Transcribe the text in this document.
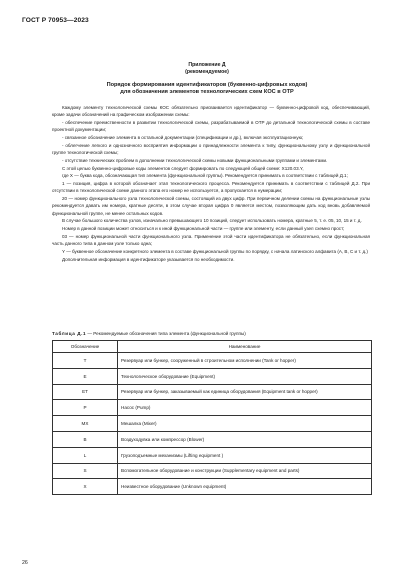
ГОСТ Р 70953—2023
Приложение Д
(рекомендуемое)
Порядок формирования идентификаторов (буквенно-цифровых кодов)
для обозначения элементов технологических схем КОС в ОТР

Каждому элементу технологической схемы КОС обязательно присваивается идентификатор — буквенно-цифровой код, обеспечивающий, кроме задачи обозначений на графическом изображении схемы:

- обеспечение преемственности в развитии технологической схемы, разрабатываемой в ОТР до детальной технологической схемы в составе проектной документации;

- связанное обозначение элемента в остальной документации (спецификации и др.), включая эксплуатационную;

- облегчение легкого и однозначного восприятия информации о принадлежности элемента к типу, функциональному узлу и функциональной группе технологической схемы;

- отсутствие технических проблем в дополнении технологической схемы новыми функциональными группами и элементами.

С этой целью буквенно-цифровые коды элементов следует формировать по следующей общей схеме: X120.03.Y,

где X — буква кода, обозначающая тип элемента (функциональной группы). Рекомендуется принимать в соответствии с таблицей Д.1;

1 — позиция, цифра в которой обозначает этап технологического процесса. Рекомендуется принимать в соответствии с таблицей Д.2. При отсутствии в технологической схеме данного этапа его номер не используется, а пропускается в нумерации;

20 — номер функционального узла технологической схемы, состоящий из двух цифр. При первичном делении схемы на функциональные узлы рекомендуется давать им номера, кратные десяти, в этом случае вторая цифра 0 является местом, позволяющим дать код вновь добавляемой функциональной группе, не менее остальных кодов.

В случае большого количества узлов, изначально превышающего 10 позиций, следует использовать номера, кратные 5, т. е. 05, 10, 15 и т. д.

Номер в данной позиции может относиться и к иной функциональной части — группе или элементу, если данный узел схемно прост;

03 — номер функциональной части функционального узла. Применение этой части идентификатора не обязательно, если функциональная часть данного типа в данном узле только одна;

Y — буквенное обозначение конкретного элемента в составе функциональной группы по порядку, с начала латинского алфавита (А, В, С и т. д.)

Дополнительная информация в идентификаторе указывается по необходимости.

Таблица Д.1 — Рекомендуемые обозначения типа элемента (функциональной группы)
Обозначение	Наименование
T	Резервуар или бункер, сооруженный в строительном исполнении (Tank or hopper)
E	Технологическое оборудование (Equipment)
ET	Резервуар или бункер, заказываемый как единица оборудования (Equipment tank or hopper)
P	Насос (Pump)
MX	Мешалка (Mixer)
B	Воздуходувка или компрессор (Blower)
L	Грузоподъемные механизмы (Lifting equipment )
S	Вспомогательное оборудование и конструкции (Supplementary equipment and parts)
X	Неизвестное оборудование (Unknown equipment)
26
